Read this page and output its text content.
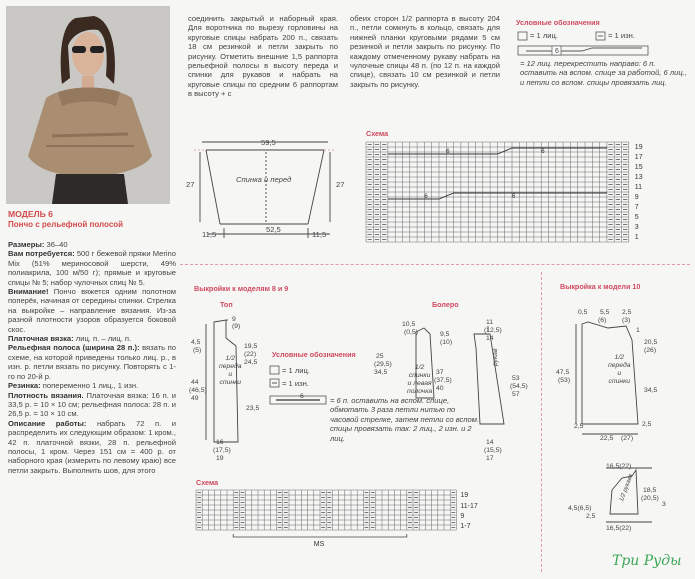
МОДЕЛЬ 6
Пончо с рельефной полосой
Размеры: 36–40
Вам потребуется: 500 г бежевой пряжи Merino Mix (51% мериносовой шерсти, 49% полиакрила, 100 м/50 г); прямые и круговые спицы № 5; набор чулочных спиц № 5.
Внимание! Пончо вяжется одним полотном поперёк, начиная от середины спинки. Стрелка на выкройке – направление вязания. Из-за разной плотности узоров образуется боковой скос.
Платочная вязка: лиц. п. – лиц. п.
Рельефная полоса (ширина 28 п.): вязать по схеме, на которой приведены только лиц. р., в изн. р. петли вязать по рисунку. Повторять с 1-го по 20-й р.
Резинка: попеременно 1 лиц., 1 изн.
Плотность вязания. Платочная вязка: 16 п. и 33,5 р. = 10 × 10 см; рельефная полоса: 28 п. и 26,5 р. = 10 × 10 см.
Описание работы: набрать 72 п. и распределить их следующим образом: 1 кром., 42 п. платочной вязки, 28 п. рельефной полосы, 1 кром. Через 151 см = 400 р. от наборного края (измерить по левому краю) все петли закрыть. Выполнить шов, для этого
соединить закрытый и наборный края. Для воротника по вырезу горловины на круговые спицы набрать 200 п., связать 18 см резинкой и петли закрыть по рисунку. Отметить внешние 1,5 раппорта рельефной полосы в высоту переда и спинки для рукавов и набрать на круговые спицы по средним 6 раппортам в высоту + с
обеих сторон 1/2 раппорта в высоту 204 п., петли сомкнуть в кольцо, связать для нижней планки круговыми рядами 5 см резинкой и петли закрыть по рисунку. По каждому отмеченному рукаву набрать на чулочные спицы 48 п. (по 12 п. на каждой спице), связать 10 см резинкой и петли закрыть по рисунку.
Условные обозначения
= 1 лиц.	= 1 изн.
6
= 12 лиц. перекрестить направо: 6 п. оставить на вспом. спице за работой, 6 лиц., и петли со вспом. спицы провязать лиц.
59,5
27	27
Спинка и перед
52,5
11,5	11,5
Схема
6	6
6	6
19
17
15
13
11
9
7
5
3
1
Выкройки к моделям 8 и 9	Выкройка к модели 10
Топ	Болеро
9
(9)
4,5
(5)
19,5
(22)
24,5
44
(46,5)
49
23,5
16
(17,5)
19
1/2
переда
и
спинки
Условные обозначения
= 1 лиц.
= 1 изн.
6	= 6 п. оставить на вспом. спице, обмотать 3 раза петли нитью по часовой стрелке, затем петли со вспом. спицы провязать так: 2 лиц., 2 изн. и 2 лиц.
10,5
(0,5)	9,5
(10)
25
(29,5)
34,5
1/2
спинки
и левая
полочка
37
(37,5)
40
11
(12,5)
14
53
(54,5)
57
14
(15,5)
17
рукав
Схема
MS
19
11-17
9
1-7
0,5 5,5
(6)
2,5
(3)
1
20,5
(26)
47,5
(53)
34,5
2,5
22,5 (27)
2,5
1/2
переда
и
спинки
16,5(22)
18,5
(20,5)
3
4,5(6,5)
2,5
16,5(22)
1/2 рукава
Три Руды
